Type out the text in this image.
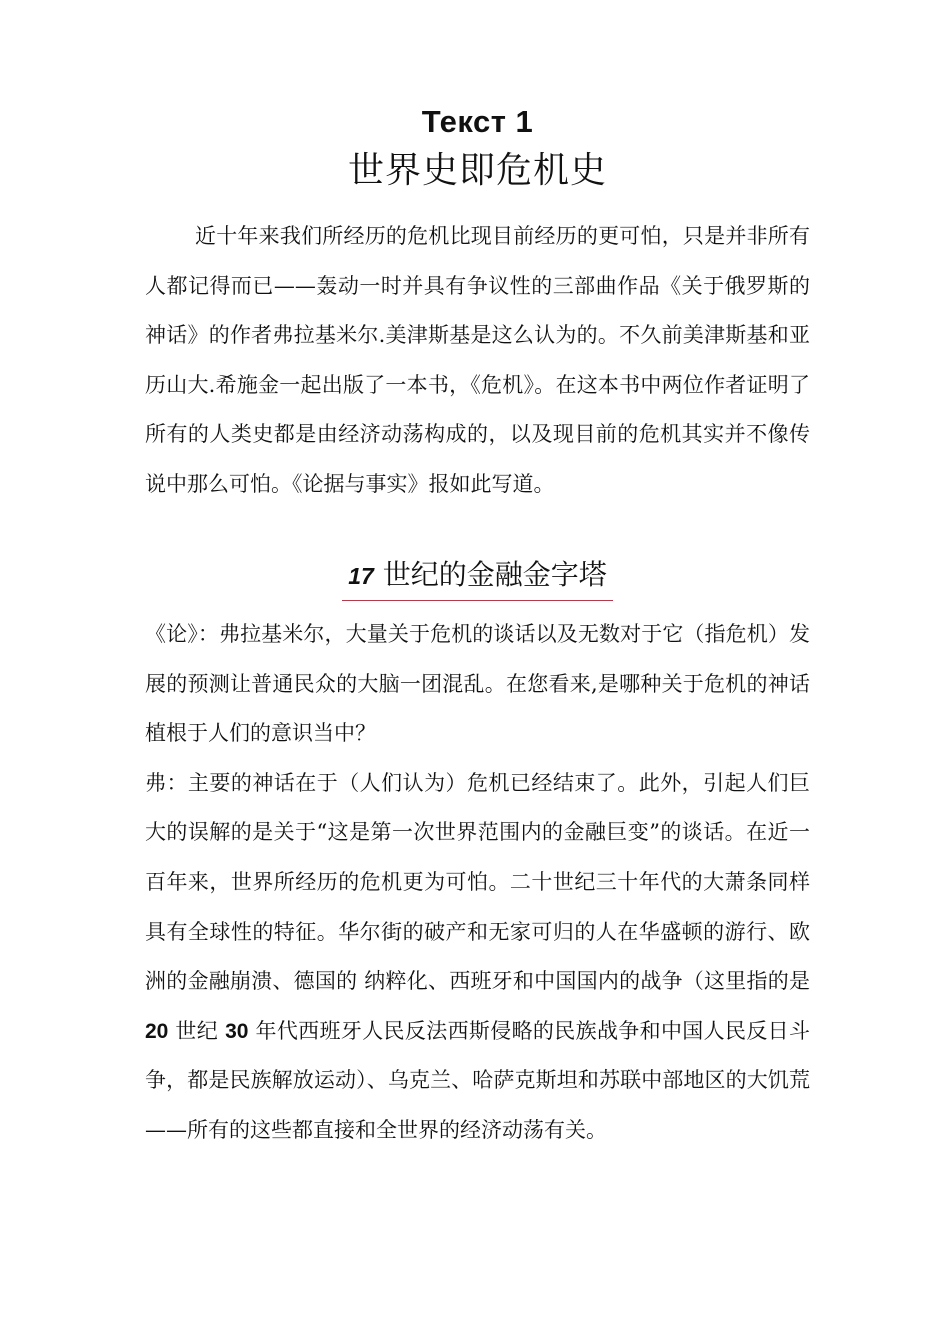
Текст 1
世界史即危机史

近十年来我们所经历的危机比现目前经历的更可怕，只是并非所有人都记得而已——轰动一时并具有争议性的三部曲作品《关于俄罗斯的神话》的作者弗拉基米尔.美津斯基是这么认为的。不久前美津斯基和亚历山大.希施金一起出版了一本书，《危机》。在这本书中两位作者证明了所有的人类史都是由经济动荡构成的，以及现目前的危机其实并不像传说中那么可怕。《论据与事实》报如此写道。

17 世纪的金融金字塔
《论》：弗拉基米尔，大量关于危机的谈话以及无数对于它（指危机）发展的预测让普通民众的大脑一团混乱。在您看来,是哪种关于危机的神话植根于人们的意识当中？
弗：主要的神话在于（人们认为）危机已经结束了。此外，引起人们巨大的误解的是关于“这是第一次世界范围内的金融巨变”的谈话。在近一百年来，世界所经历的危机更为可怕。二十世纪三十年代的大萧条同样具有全球性的特征。华尔街的破产和无家可归的人在华盛顿的游行、欧洲的金融崩溃、德国的 纳粹化、西班牙和中国国内的战争（这里指的是 20 世纪 30 年代西班牙人民反法西斯侵略的民族战争和中国人民反日斗争，都是民族解放运动）、乌克兰、哈萨克斯坦和苏联中部地区的大饥荒——所有的这些都直接和全世界的经济动荡有关。
